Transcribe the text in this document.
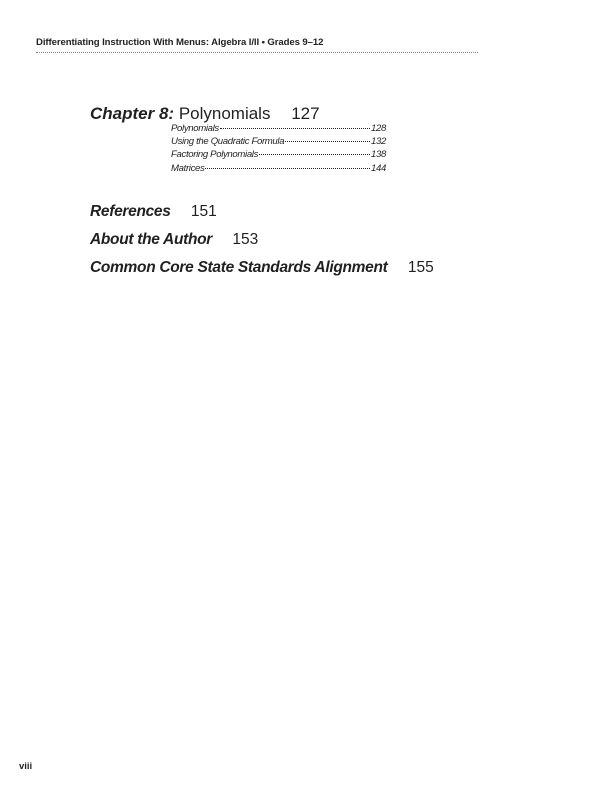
Differentiating Instruction With Menus: Algebra I/II • Grades 9–12
Chapter 8: Polynomials 127
Polynomials	128
Using the Quadratic Formula	132
Factoring Polynomials	138
Matrices	144
References 151
About the Author 153
Common Core State Standards Alignment 155
viii
